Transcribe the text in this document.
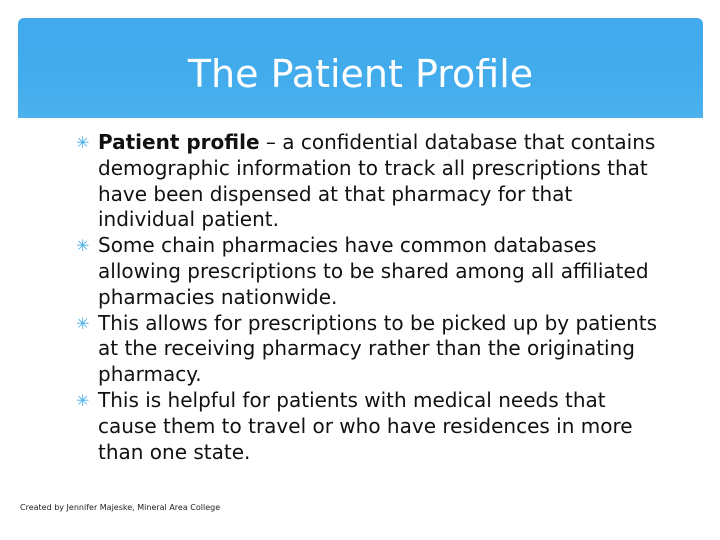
The Patient Profile
✳ Patient profile – a confidential database that contains demographic information to track all prescriptions that have been dispensed at that pharmacy for that individual patient.
✳ Some chain pharmacies have common databases allowing prescriptions to be shared among all affiliated pharmacies nationwide.
✳ This allows for prescriptions to be picked up by patients at the receiving pharmacy rather than the originating pharmacy.
✳ This is helpful for patients with medical needs that cause them to travel or who have residences in more than one state.
Created by Jennifer Majeske, Mineral Area College
